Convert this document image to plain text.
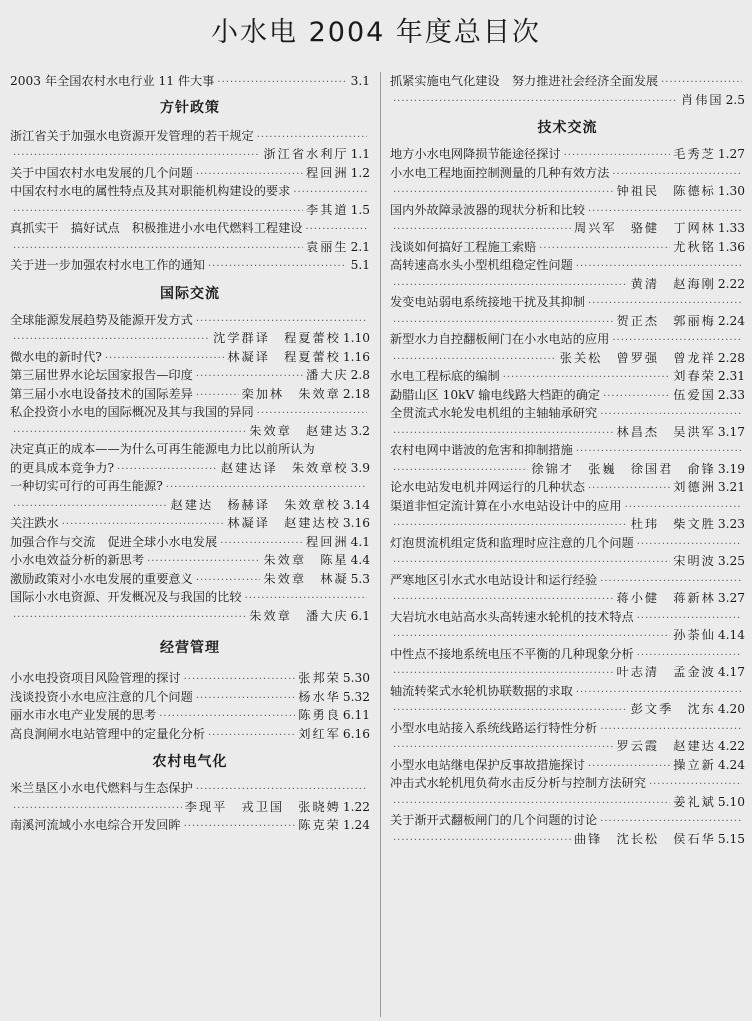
小水电 2004 年度总目次
2003 年全国农村水电行业 11 件大事 ·····	3.1
方针政策
浙江省关于加强水电资源开发管理的若干规定
·····
·····
浙江省水利厅 1.1
关于中国农村水电发展的几个问题 ·····	程回洲 1.2
中国农村水电的属性特点及其对职能机构建设的要求
·····
·····
李其道 1.5
真抓实干　搞好试点　积极推进小水电代燃料工程建设
·····
·····
袁丽生 2.1
关于进一步加强农村水电工作的通知 ·····	5.1
国际交流
全球能源发展趋势及能源开发方式
·····
·····
沈学群译　程夏蕾校 1.10
微水电的新时代? ·····	林凝译　程夏蕾校 1.16
第三届世界水论坛国家报告—印度 ·····	潘大庆 2.8
第三届小水电设备技术的国际差异 ·····	栾加林　朱效章 2.18
私企投资小水电的国际概况及其与我国的异同
·····
·····
朱效章　赵建达 3.2
决定真正的成本——为什么可再生能源电力比以前所认为
的更具成本竞争力? ·····	赵建达译　朱效章校 3.9
一种切实可行的可再生能源?
·····
·····
赵建达　杨赫译　朱效章校 3.14
关注跌水 ·····	林凝译　赵建达校 3.16
加强合作与交流　促进全球小水电发展 ·····	程回洲 4.1
小水电效益分析的新思考 ·····	朱效章　陈星 4.4
激励政策对小水电发展的重要意义 ·····	朱效章　林凝 5.3
国际小水电资源、开发概况及与我国的比较
·····
·····
朱效章　潘大庆 6.1
经营管理
小水电投资项目风险管理的探讨 ·····	张邦荣 5.30
浅谈投资小水电应注意的几个问题 ·····	杨水华 5.32
丽水市水电产业发展的思考 ·····	陈勇良 6.11
高良涧闸水电站管理中的定量化分析 ·····	刘红军 6.16
农村电气化
米兰垦区小水电代燃料与生态保护
·····
·····
李现平　戎卫国　张晓娉 1.22
南溪河流域小水电综合开发回眸 ·····	陈克荣 1.24
抓紧实施电气化建设　努力推进社会经济全面发展
·····
·····
肖伟国 2.5
技术交流
地方小水电网降损节能途径探讨 ·····	毛秀芝 1.27
小水电工程地面控制测量的几种有效方法
·····
·····
钟祖民　陈德标 1.30
国内外故障录波器的现状分析和比较
·····
·····
周兴军　骆健　丁网林 1.33
浅谈如何搞好工程施工索赔 ·····	尤秋铭 1.36
高转速高水头小型机组稳定性问题
·····
·····
黄清　赵海刚 2.22
发变电站弱电系统接地干扰及其抑制
·····
·····
贺正杰　郭丽梅 2.24
新型水力自控翻板闸门在小水电站的应用
·····
·····
张关松　曾罗强　曾龙祥 2.28
水电工程标底的编制 ·····	刘春荣 2.31
勐腊山区 10kV 输电线路大档距的确定 ·····	伍爱国 2.33
全贯流式水轮发电机组的主轴轴承研究
·····
·····
林昌杰　吴洪军 3.17
农村电网中谐波的危害和抑制措施
·····
·····
徐锦才　张巍　徐国君　俞锋 3.19
论水电站发电机并网运行的几种状态 ·····	刘德洲 3.21
渠道非恒定流计算在小水电站设计中的应用
·····
·····
杜玮　柴文胜 3.23
灯泡贯流机组定货和监理时应注意的几个问题
·····
·····
宋明波 3.25
严寒地区引水式水电站设计和运行经验
·····
·····
蒋小健　蒋新林 3.27
大岩坑水电站高水头高转速水轮机的技术特点
·····
·····
孙荼仙 4.14
中性点不接地系统电压不平衡的几种现象分析
·····
·····
叶志清　孟金波 4.17
轴流转桨式水轮机协联数据的求取
·····
·····
彭文季　沈东 4.20
小型水电站接入系统线路运行特性分析
·····
·····
罗云霞　赵建达 4.22
小型水电站继电保护反事故措施探讨 ·····	操立新 4.24
冲击式水轮机甩负荷水击反分析与控制方法研究
·····
·····
姜礼斌 5.10
关于渐开式翻板闸门的几个问题的讨论
·····
·····
曲锋　沈长松　侯石华 5.15
